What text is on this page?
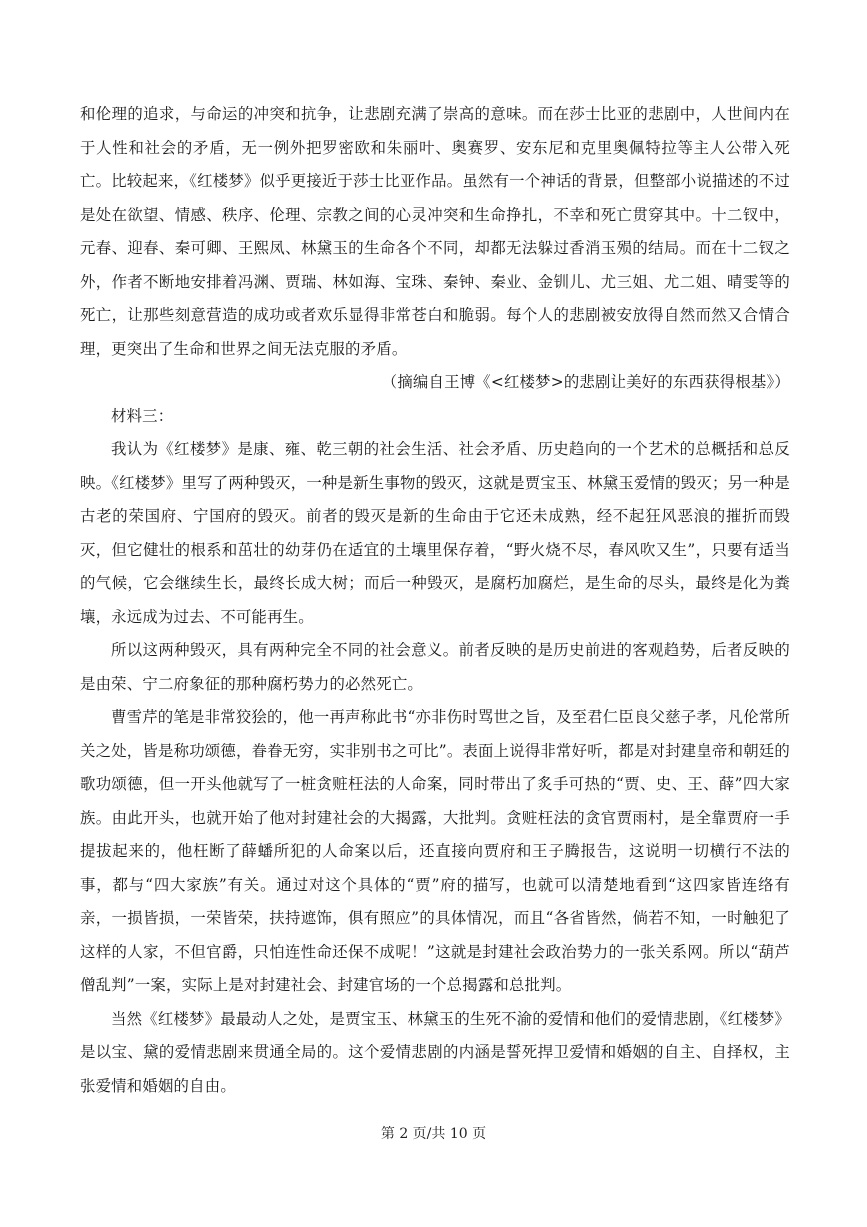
和伦理的追求，与命运的冲突和抗争，让悲剧充满了崇高的意味。而在莎士比亚的悲剧中，人世间内在于人性和社会的矛盾，无一例外把罗密欧和朱丽叶、奥赛罗、安东尼和克里奥佩特拉等主人公带入死亡。比较起来，《红楼梦》似乎更接近于莎士比亚作品。虽然有一个神话的背景，但整部小说描述的不过是处在欲望、情感、秩序、伦理、宗教之间的心灵冲突和生命挣扎，不幸和死亡贯穿其中。十二钗中，元春、迎春、秦可卿、王熙凤、林黛玉的生命各个不同，却都无法躲过香消玉殒的结局。而在十二钗之外，作者不断地安排着冯渊、贾瑞、林如海、宝珠、秦钟、秦业、金钏儿、尤三姐、尤二姐、晴雯等的死亡，让那些刻意营造的成功或者欢乐显得非常苍白和脆弱。每个人的悲剧被安放得自然而然又合情合理，更突出了生命和世界之间无法克服的矛盾。

（摘编自王博《<红楼梦>的悲剧让美好的东西获得根基》）

材料三：

我认为《红楼梦》是康、雍、乾三朝的社会生活、社会矛盾、历史趋向的一个艺术的总概括和总反映。《红楼梦》里写了两种毁灭，一种是新生事物的毁灭，这就是贾宝玉、林黛玉爱情的毁灭；另一种是古老的荣国府、宁国府的毁灭。前者的毁灭是新的生命由于它还未成熟，经不起狂风恶浪的摧折而毁灭，但它健壮的根系和茁壮的幼芽仍在适宜的土壤里保存着，“野火烧不尽，春风吹又生”，只要有适当的气候，它会继续生长，最终长成大树；而后一种毁灭，是腐朽加腐烂，是生命的尽头，最终是化为粪壤，永远成为过去、不可能再生。

所以这两种毁灭，具有两种完全不同的社会意义。前者反映的是历史前进的客观趋势，后者反映的是由荣、宁二府象征的那种腐朽势力的必然死亡。

曹雪芹的笔是非常狡狯的，他一再声称此书“亦非伤时骂世之旨，及至君仁臣良父慈子孝，凡伦常所关之处，皆是称功颂德，眷眷无穷，实非别书之可比”。表面上说得非常好听，都是对封建皇帝和朝廷的歌功颂德，但一开头他就写了一桩贪赃枉法的人命案，同时带出了炙手可热的“贾、史、王、薛”四大家族。由此开头，也就开始了他对封建社会的大揭露，大批判。贪赃枉法的贪官贾雨村，是全靠贾府一手提拔起来的，他枉断了薛蟠所犯的人命案以后，还直接向贾府和王子腾报告，这说明一切横行不法的事，都与“四大家族”有关。通过对这个具体的“贾”府的描写，也就可以清楚地看到“这四家皆连络有亲，一损皆损，一荣皆荣，扶持遮饰，俱有照应”的具体情况，而且“各省皆然，倘若不知，一时触犯了这样的人家，不但官爵，只怕连性命还保不成呢！”这就是封建社会政治势力的一张关系网。所以“葫芦僧乱判”一案，实际上是对封建社会、封建官场的一个总揭露和总批判。

当然《红楼梦》最最动人之处，是贾宝玉、林黛玉的生死不渝的爱情和他们的爱情悲剧，《红楼梦》是以宝、黛的爱情悲剧来贯通全局的。这个爱情悲剧的内涵是誓死捍卫爱情和婚姻的自主、自择权，主张爱情和婚姻的自由。

第 2 页/共 10 页
